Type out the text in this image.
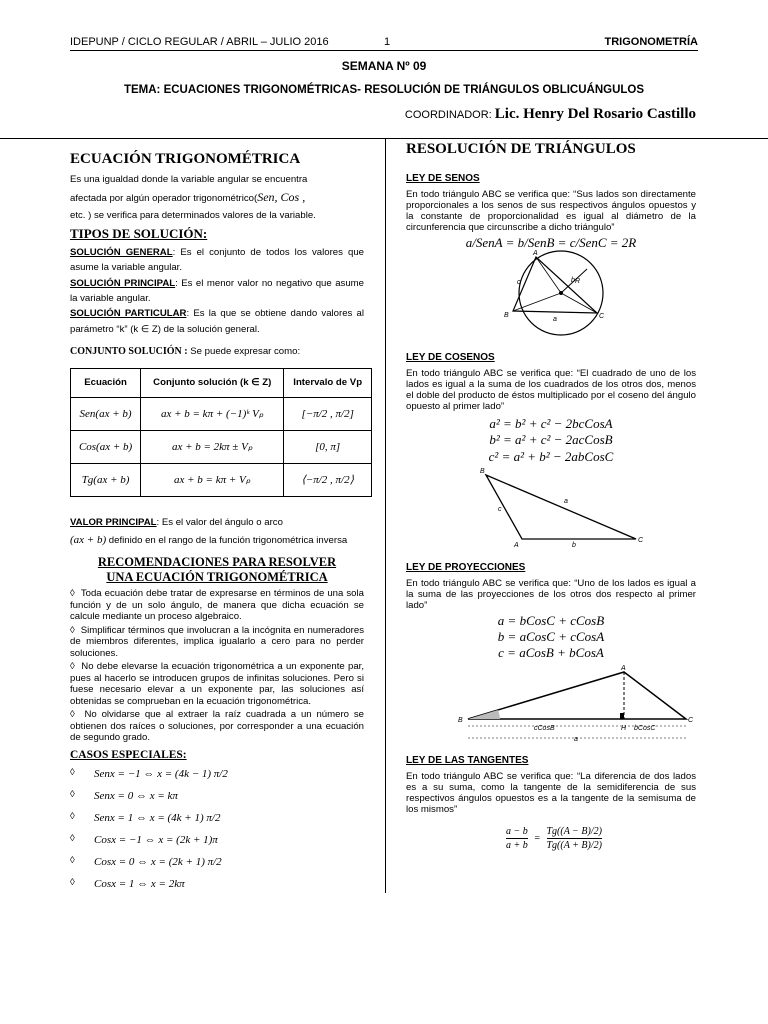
IDEPUNP / CICLO REGULAR / ABRIL – JULIO 2016	1	TRIGONOMETRÍA
SEMANA Nº 09
TEMA: ECUACIONES TRIGONOMÉTRICAS- RESOLUCIÓN DE TRIÁNGULOS OBLICUÁNGULOS
COORDINADOR: Lic. Henry Del Rosario Castillo
ECUACIÓN TRIGONOMÉTRICA

Es una igualdad donde la variable angular se encuentra

afectada por algún operador trigonométrico(Sen, Cos ,

etc. ) se verifica para determinados valores de la variable.

TIPOS DE SOLUCIÓN:

SOLUCIÓN GENERAL: Es el conjunto de todos los valores que asume la variable angular.

SOLUCIÓN PRINCIPAL: Es el menor valor no negativo que asume la variable angular.

SOLUCIÓN PARTICULAR: Es la que se obtiene dando valores al parámetro “k” (k ∈ Z) de la solución general.

CONJUNTO SOLUCIÓN : Se puede expresar como:

Ecuación	Conjunto solución (k ∈ Z)	Intervalo de Vp
Sen(ax + b)	ax + b = kπ + (−1)ᵏ Vₚ	[−π/2 , π/2]
Cos(ax + b)	ax + b = 2kπ ± Vₚ	[0, π]
Tg(ax + b)	ax + b = kπ + Vₚ	⟨−π/2 , π/2⟩

VALOR PRINCIPAL: Es el valor del ángulo o arco
(ax + b) definido en el rango de la función trigonométrica inversa

RECOMENDACIONES PARA RESOLVER
UNA ECUACIÓN TRIGONOMÉTRICA

◊ Toda ecuación debe tratar de expresarse en términos de una sola función y de un solo ángulo, de manera que dicha ecuación se calcule mediante un proceso algebraico.

◊ Simplificar términos que involucran a la incógnita en numeradores de miembros diferentes, implica igualarlo a cero para no perder soluciones.

◊ No debe elevarse la ecuación trigonométrica a un exponente par, pues al hacerlo se introducen grupos de infinitas soluciones. Pero si fuese necesario elevar a un exponente par, las soluciones así obtenidas se comprueban en la ecuación trigonométrica.

◊ No olvidarse que al extraer la raíz cuadrada a un número se obtienen dos raíces o soluciones, por corresponder a una ecuación de segundo grado.

CASOS ESPECIALES:
◊ Senx = −1 ⇔ x = (4k − 1) π/2
◊ Senx = 0 ⇔ x = kπ
◊ Senx = 1 ⇔ x = (4k + 1) π/2
◊ Cosx = −1 ⇔ x = (2k + 1)π
◊ Cosx = 0 ⇔ x = (2k + 1) π/2
◊ Cosx = 1 ⇔ x = 2kπ
RESOLUCIÓN DE TRIÁNGULOS
LEY DE SENOS

En todo triángulo ABC se verifica que: “Sus lados son directamente proporcionales a los senos de sus respectivos ángulos opuestos y la constante de proporcionalidad es igual al diámetro de la circunferencia que circunscribe a dicho triángulo”

a/SenA = b/SenB = c/SenC = 2R
A
B	C
a
b
c	R
LEY DE COSENOS

En todo triángulo ABC se verifica que: “El cuadrado de uno de los lados es igual a la suma de los cuadrados de los otros dos, menos el doble del producto de éstos multiplicado por el coseno del ángulo opuesto al primer lado”

a² = b² + c² − 2bcCosA
b² = a² + c² − 2acCosB
c² = a² + b² − 2abCosC
B
A
C
a
b
c
LEY DE PROYECCIONES

En todo triángulo ABC se verifica que: “Uno de los lados es igual a la suma de las proyecciones de los otros dos respecto al primer lado”

a = bCosC + cCosB
b = aCosC + cCosA
c = aCosB + bCosA
B
A
C
H
cCosB	bCosC
a
LEY DE LAS TANGENTES

En todo triángulo ABC se verifica que: “La diferencia de dos lados es a su suma, como la tangente de la semidiferencia de sus respectivos ángulos opuestos es a la tangente de la semisuma de los mismos”

$\frac{a - b}{a + b} = \frac{Tg((A - B)/2)}{Tg((A + B)/2)}$
